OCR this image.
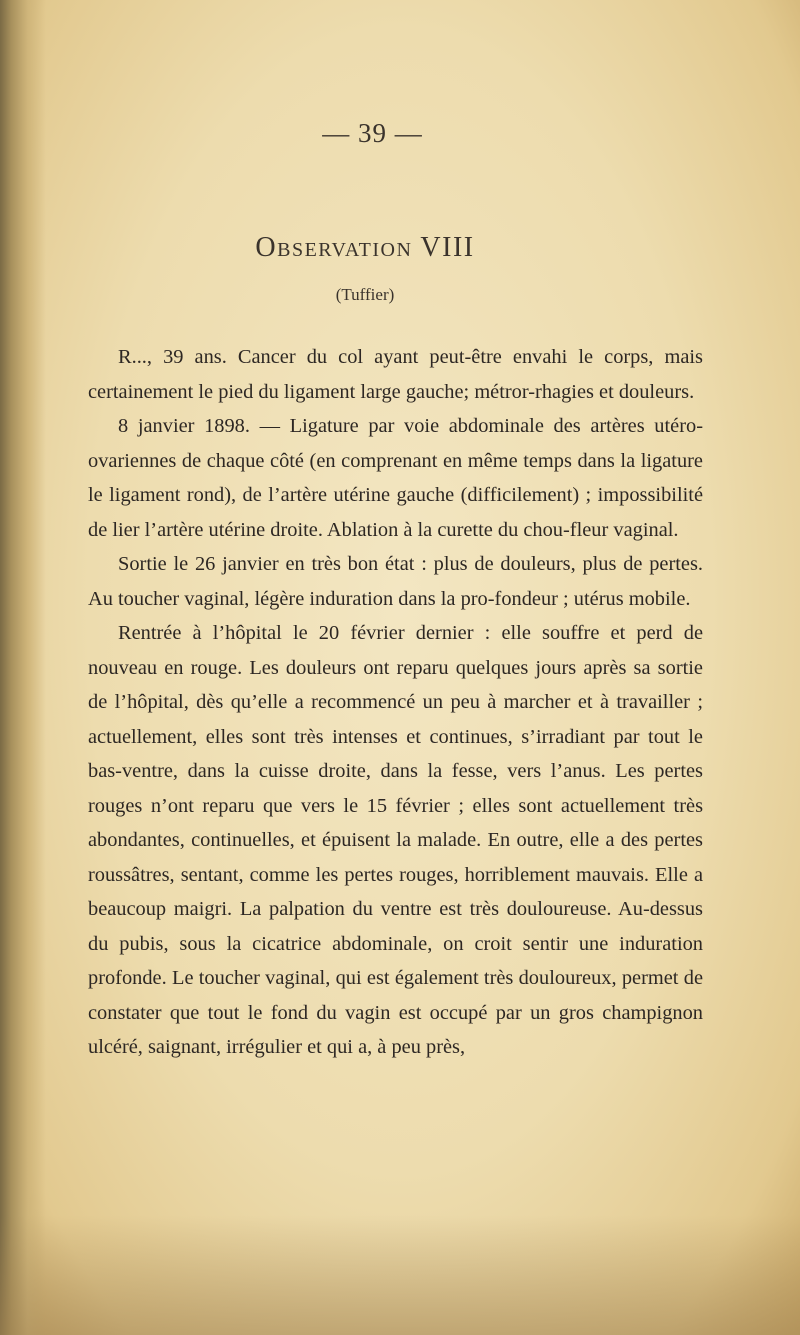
— 39 —
Observation VIII
(Tuffier)

R..., 39 ans. Cancer du col ayant peut-être envahi le corps, mais certainement le pied du ligament large gauche; métror-rhagies et douleurs.

8 janvier 1898. — Ligature par voie abdominale des artères utéro-ovariennes de chaque côté (en comprenant en même temps dans la ligature le ligament rond), de l’artère utérine gauche (difficilement) ; impossibilité de lier l’artère utérine droite. Ablation à la curette du chou-fleur vaginal.

Sortie le 26 janvier en très bon état : plus de douleurs, plus de pertes. Au toucher vaginal, légère induration dans la pro-fondeur ; utérus mobile.

Rentrée à l’hôpital le 20 février dernier : elle souffre et perd de nouveau en rouge. Les douleurs ont reparu quelques jours après sa sortie de l’hôpital, dès qu’elle a recommencé un peu à marcher et à travailler ; actuellement, elles sont très intenses et continues, s’irradiant par tout le bas-ventre, dans la cuisse droite, dans la fesse, vers l’anus. Les pertes rouges n’ont reparu que vers le 15 février ; elles sont actuellement très abondantes, continuelles, et épuisent la malade. En outre, elle a des pertes roussâtres, sentant, comme les pertes rouges, horriblement mauvais. Elle a beaucoup maigri. La palpation du ventre est très douloureuse. Au-dessus du pubis, sous la cicatrice abdominale, on croit sentir une induration profonde. Le toucher vaginal, qui est également très douloureux, permet de constater que tout le fond du vagin est occupé par un gros champignon ulcéré, saignant, irrégulier et qui a, à peu près,
